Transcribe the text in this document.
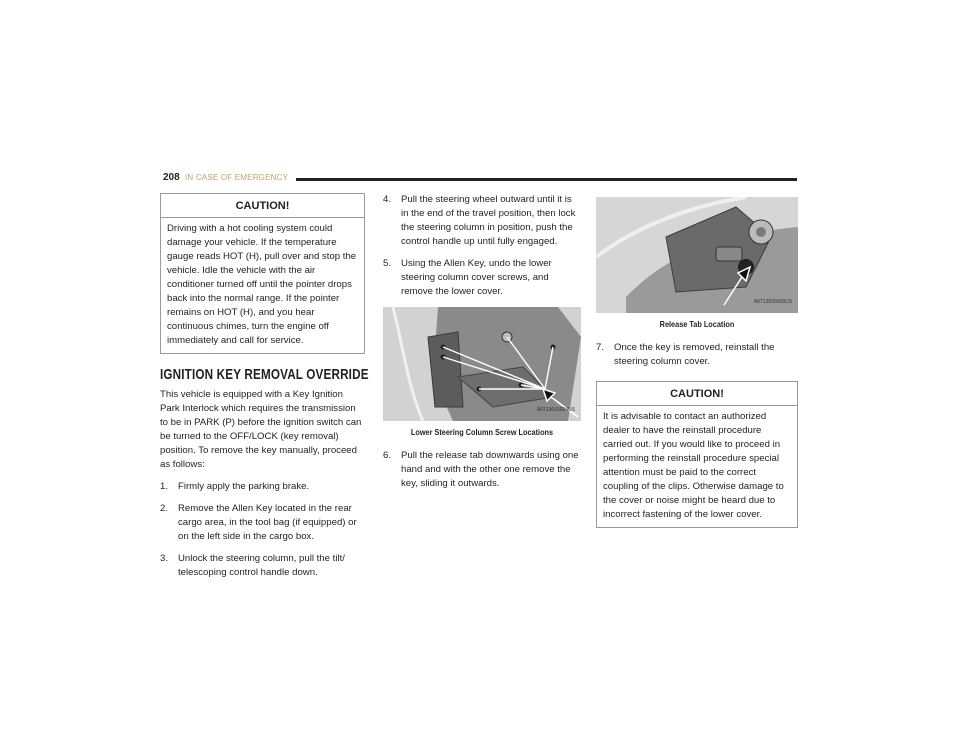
208 IN CASE OF EMERGENCY
CAUTION!
Driving with a hot cooling system could damage your vehicle. If the temperature gauge reads HOT (H), pull over and stop the vehicle. Idle the vehicle with the air conditioner turned off until the pointer drops back into the normal range. If the pointer remains on HOT (H), and you hear continuous chimes, turn the engine off immediately and call for service.
IGNITION KEY REMOVAL OVERRIDE

This vehicle is equipped with a Key Ignition Park Interlock which requires the transmission to be in PARK (P) before the ignition switch can be turned to the OFF/LOCK (key removal) position. To remove the key manually, proceed as follows:

1. Firmly apply the parking brake.
2. Remove the Allen Key located in the rear cargo area, in the tool bag (if equipped) or on the left side in the cargo box.
3. Unlock the steering column, pull the tilt/ telescoping control handle down.
4. Pull the steering wheel outward until it is in the end of the travel position, then lock the steering column in position, push the control handle up until fully engaged.
5. Using the Allen Key, undo the lower steering column cover screws, and remove the lower cover.
A0713000004US
Lower Steering Column Screw Locations
6. Pull the release tab downwards using one hand and with the other one remove the key, sliding it outwards.
A0713000009US
Release Tab Location
7. Once the key is removed, reinstall the steering column cover.
CAUTION!
It is advisable to contact an authorized dealer to have the reinstall procedure carried out. If you would like to proceed in performing the reinstall procedure special attention must be paid to the correct coupling of the clips. Otherwise damage to the cover or noise might be heard due to incorrect fastening of the lower cover.
